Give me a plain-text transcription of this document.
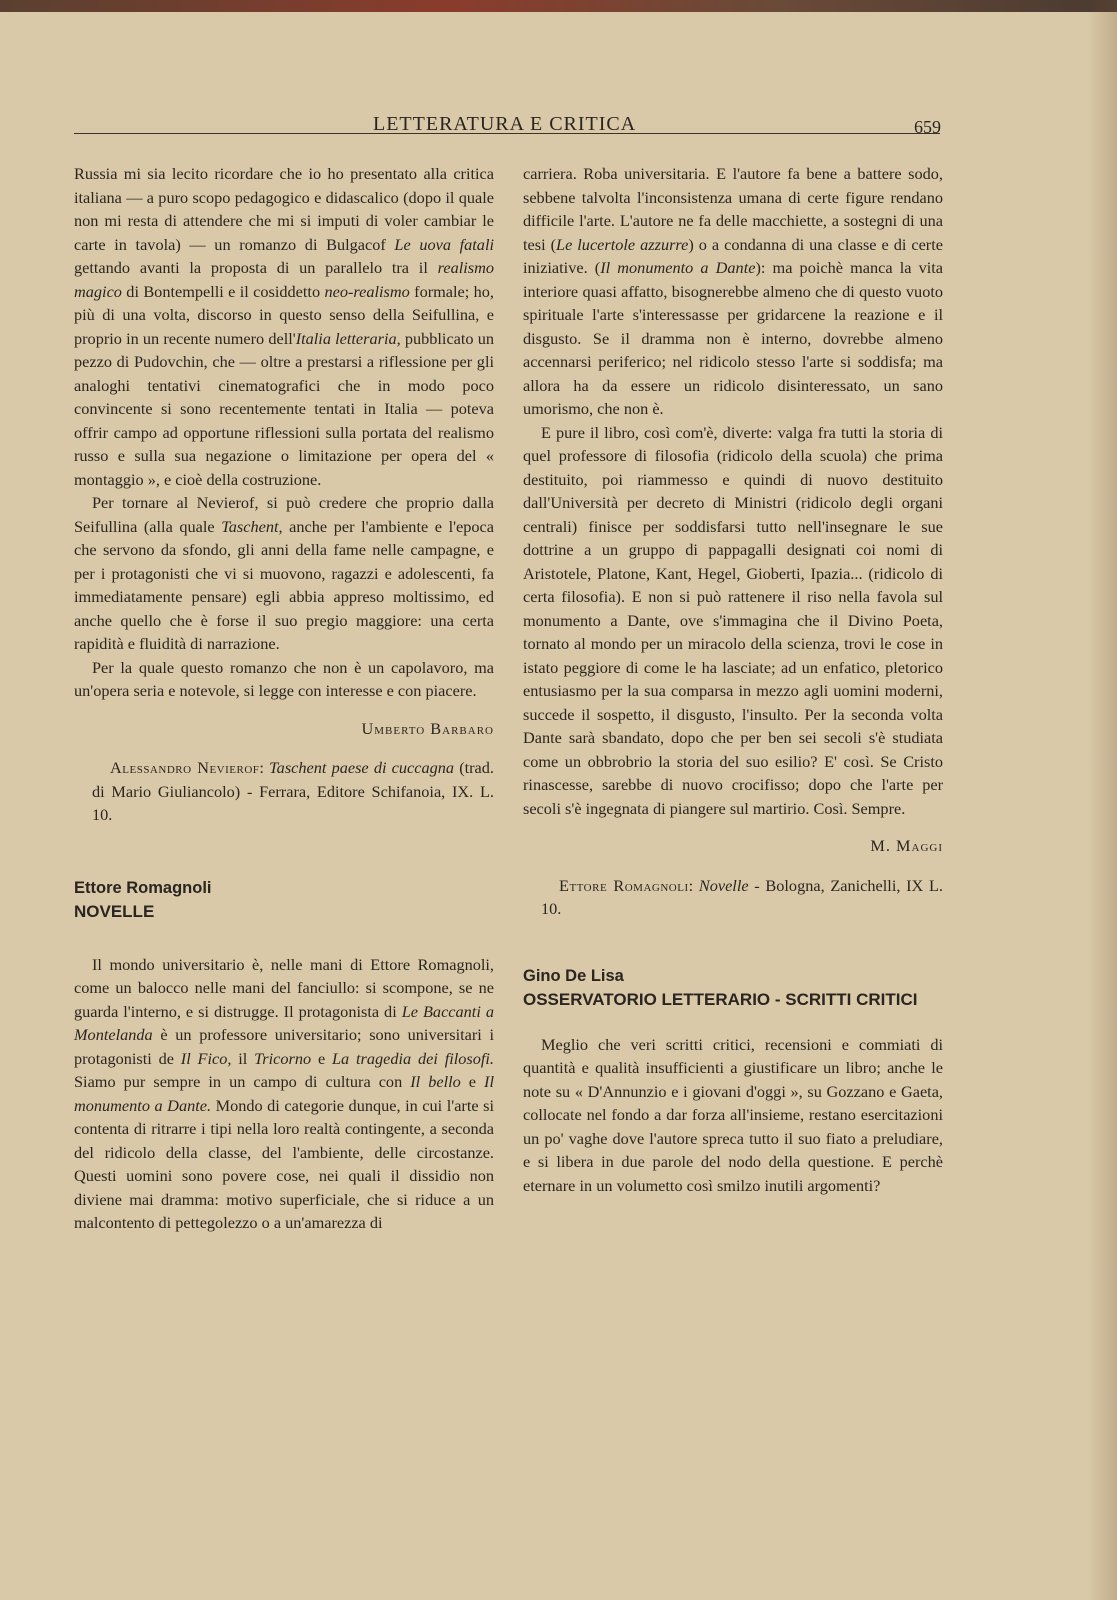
LETTERATURA E CRITICA	659

Russia mi sia lecito ricordare che io ho presentato alla critica italiana — a puro scopo pedagogico e didascalico (dopo il quale non mi resta di attendere che mi si imputi di voler cambiar le carte in tavola) — un romanzo di Bulgacof Le uova fatali gettando avanti la proposta di un parallelo tra il realismo magico di Bontempelli e il cosiddetto neo-realismo formale; ho, più di una volta, discorso in questo senso della Seifullina, e proprio in un recente numero dell'Italia letteraria, pubblicato un pezzo di Pudovchin, che — oltre a prestarsi a riflessione per gli analoghi tentativi cinematografici che in modo poco convincente si sono recentemente tentati in Italia — poteva offrir campo ad opportune riflessioni sulla portata del realismo russo e sulla sua negazione o limitazione per opera del « montaggio », e cioè della costruzione.

Per tornare al Nevierof, si può credere che proprio dalla Seifullina (alla quale Taschent, anche per l'ambiente e l'epoca che servono da sfondo, gli anni della fame nelle campagne, e per i protagonisti che vi si muovono, ragazzi e adolescenti, fa immediatamente pensare) egli abbia appreso moltissimo, ed anche quello che è forse il suo pregio maggiore: una certa rapidità e fluidità di narrazione.

Per la quale questo romanzo che non è un capolavoro, ma un'opera seria e notevole, si legge con interesse e con piacere.

Umberto Barbaro

Alessandro Nevierof: Taschent paese di cuccagna (trad. di Mario Giuliancolo) - Ferrara, Editore Schifanoia, IX. L. 10.

Ettore Romagnoli
NOVELLE

Il mondo universitario è, nelle mani di Ettore Romagnoli, come un balocco nelle mani del fanciullo: si scompone, se ne guarda l'interno, e si distrugge. Il protagonista di Le Baccanti a Montelanda è un professore universitario; sono universitari i protagonisti de Il Fico, il Tricorno e La tragedia dei filosofi. Siamo pur sempre in un campo di cultura con Il bello e Il monumento a Dante. Mondo di categorie dunque, in cui l'arte si contenta di ritrarre i tipi nella loro realtà contingente, a seconda del ridicolo della classe, del l'ambiente, delle circostanze. Questi uomini sono povere cose, nei quali il dissidio non diviene mai dramma: motivo superficiale, che si riduce a un malcontento di pettegolezzo o a un'amarezza di

carriera. Roba universitaria. E l'autore fa bene a battere sodo, sebbene talvolta l'inconsistenza umana di certe figure rendano difficile l'arte. L'autore ne fa delle macchiette, a sostegni di una tesi (Le lucertole azzurre) o a condanna di una classe e di certe iniziative. (Il monumento a Dante): ma poichè manca la vita interiore quasi affatto, bisognerebbe almeno che di questo vuoto spirituale l'arte s'interessasse per gridarcene la reazione e il disgusto. Se il dramma non è interno, dovrebbe almeno accennarsi periferico; nel ridicolo stesso l'arte si soddisfa; ma allora ha da essere un ridicolo disinteressato, un sano umorismo, che non è.

E pure il libro, così com'è, diverte: valga fra tutti la storia di quel professore di filosofia (ridicolo della scuola) che prima destituito, poi riammesso e quindi di nuovo destituito dall'Università per decreto di Ministri (ridicolo degli organi centrali) finisce per soddisfarsi tutto nell'insegnare le sue dottrine a un gruppo di pappagalli designati coi nomi di Aristotele, Platone, Kant, Hegel, Gioberti, Ipazia... (ridicolo di certa filosofia). E non si può rattenere il riso nella favola sul monumento a Dante, ove s'immagina che il Divino Poeta, tornato al mondo per un miracolo della scienza, trovi le cose in istato peggiore di come le ha lasciate; ad un enfatico, pletorico entusiasmo per la sua comparsa in mezzo agli uomini moderni, succede il sospetto, il disgusto, l'insulto. Per la seconda volta Dante sarà sbandato, dopo che per ben sei secoli s'è studiata come un obbrobrio la storia del suo esilio? E' così. Se Cristo rinascesse, sarebbe di nuovo crocifisso; dopo che l'arte per secoli s'è ingegnata di piangere sul martirio. Così. Sempre.

M. Maggi

Ettore Romagnoli: Novelle - Bologna, Zanichelli, IX L. 10.

Gino De Lisa
OSSERVATORIO LETTERARIO - SCRITTI CRITICI

Meglio che veri scritti critici, recensioni e commiati di quantità e qualità insufficienti a giustificare un libro; anche le note su « D'Annunzio e i giovani d'oggi », su Gozzano e Gaeta, collocate nel fondo a dar forza all'insieme, restano esercitazioni un po' vaghe dove l'autore spreca tutto il suo fiato a preludiare, e si libera in due parole del nodo della questione. E perchè eternare in un volumetto così smilzo inutili argomenti?
